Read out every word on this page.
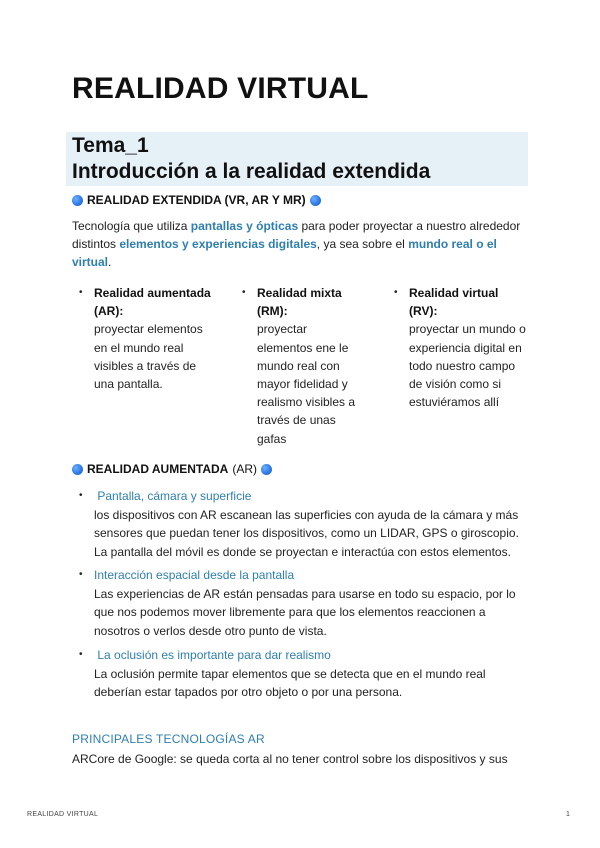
REALIDAD VIRTUAL
Tema_1
Introducción a la realidad extendida
REALIDAD EXTENDIDA (VR, AR Y MR)

Tecnología que utiliza pantallas y ópticas para poder proyectar a nuestro alrededor distintos elementos y experiencias digitales, ya sea sobre el mundo real o el virtual.

• Realidad aumentada
(AR):
proyectar elementos
en el mundo real
visibles a través de
una pantalla.
• Realidad mixta
(RM):
proyectar
elementos ene le
mundo real con
mayor fidelidad y
realismo visibles a
través de unas
gafas
• Realidad virtual
(RV):
proyectar un mundo o
experiencia digital en
todo nuestro campo
de visión como si
estuviéramos allí
REALIDAD AUMENTADA (AR)
• Pantalla, cámara y superficie
los dispositivos con AR escanean las superficies con ayuda de la cámara y más
sensores que puedan tener los dispositivos, como un LIDAR, GPS o giroscopio.
La pantalla del móvil es donde se proyectan e interactúa con estos elementos.
• Interacción espacial desde la pantalla
Las experiencias de AR están pensadas para usarse en todo su espacio, por lo
que nos podemos mover libremente para que los elementos reaccionen a
nosotros o verlos desde otro punto de vista.
• La oclusión es importante para dar realismo
La oclusión permite tapar elementos que se detecta que en el mundo real
deberían estar tapados por otro objeto o por una persona.
PRINCIPALES TECNOLOGÍAS AR
ARCore de Google: se queda corta al no tener control sobre los dispositivos y sus
REALIDAD VIRTUAL	1
